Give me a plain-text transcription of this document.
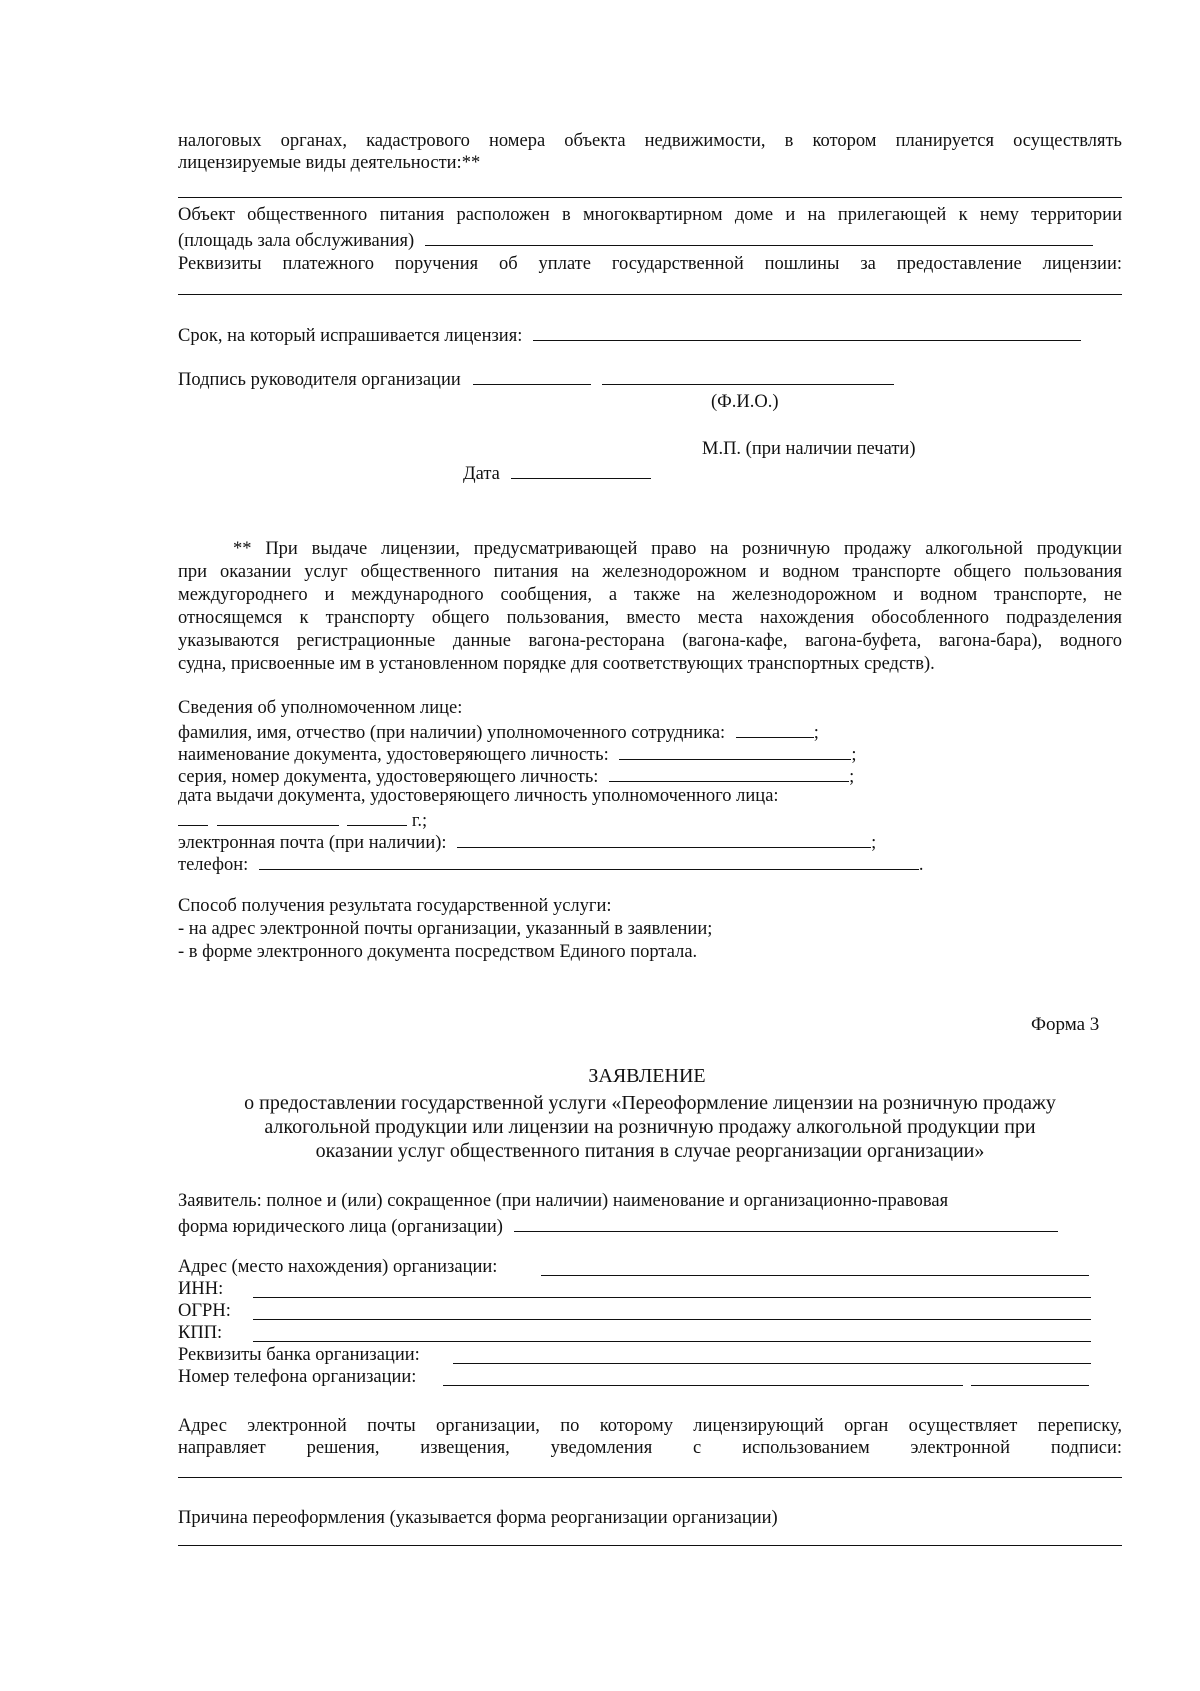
налоговых органах, кадастрового номера объекта недвижимости, в котором планируется осуществлять
лицензируемые виды деятельности:**
Объект общественного питания расположен в многоквартирном доме и на прилегающей к нему территории
(площадь зала обслуживания)
Реквизиты платежного поручения об уплате государственной пошлины за предоставление лицензии:
Срок, на который испрашивается лицензия:
Подпись руководителя организации
(Ф.И.О.)
М.П. (при наличии печати)
Дата
** При выдаче лицензии, предусматривающей право на розничную продажу алкогольной продукции
при оказании услуг общественного питания на железнодорожном и водном транспорте общего пользования
междугороднего и международного сообщения, а также на железнодорожном и водном транспорте, не
относящемся к транспорту общего пользования, вместо места нахождения обособленного подразделения
указываются регистрационные данные вагона-ресторана (вагона-кафе, вагона-буфета, вагона-бара), водного
судна, присвоенные им в установленном порядке для соответствующих транспортных средств).
Сведения об уполномоченном лице:
фамилия, имя, отчество (при наличии) уполномоченного сотрудника:	;
наименование документа, удостоверяющего личность:	;
серия, номер документа, удостоверяющего личность:	;
дата выдачи документа, удостоверяющего личность уполномоченного лица:
г.;
электронная почта (при наличии):	;
телефон:	.
Способ получения результата государственной услуги:
- на адрес электронной почты организации, указанный в заявлении;
- в форме электронного документа посредством Единого портала.
Форма 3
ЗАЯВЛЕНИЕ
о предоставлении государственной услуги «Переоформление лицензии на розничную продажу
алкогольной продукции или лицензии на розничную продажу алкогольной продукции при
оказании услуг общественного питания в случае реорганизации организации»
Заявитель: полное и (или) сокращенное (при наличии) наименование и организационно-правовая
форма юридического лица (организации)
Адрес (место нахождения) организации:
ИНН:
ОГРН:
КПП:
Реквизиты банка организации:
Номер телефона организации:
Адрес электронной почты организации, по которому лицензирующий орган осуществляет переписку,
направляет решения, извещения, уведомления с использованием электронной подписи:
Причина переоформления (указывается форма реорганизации организации)
